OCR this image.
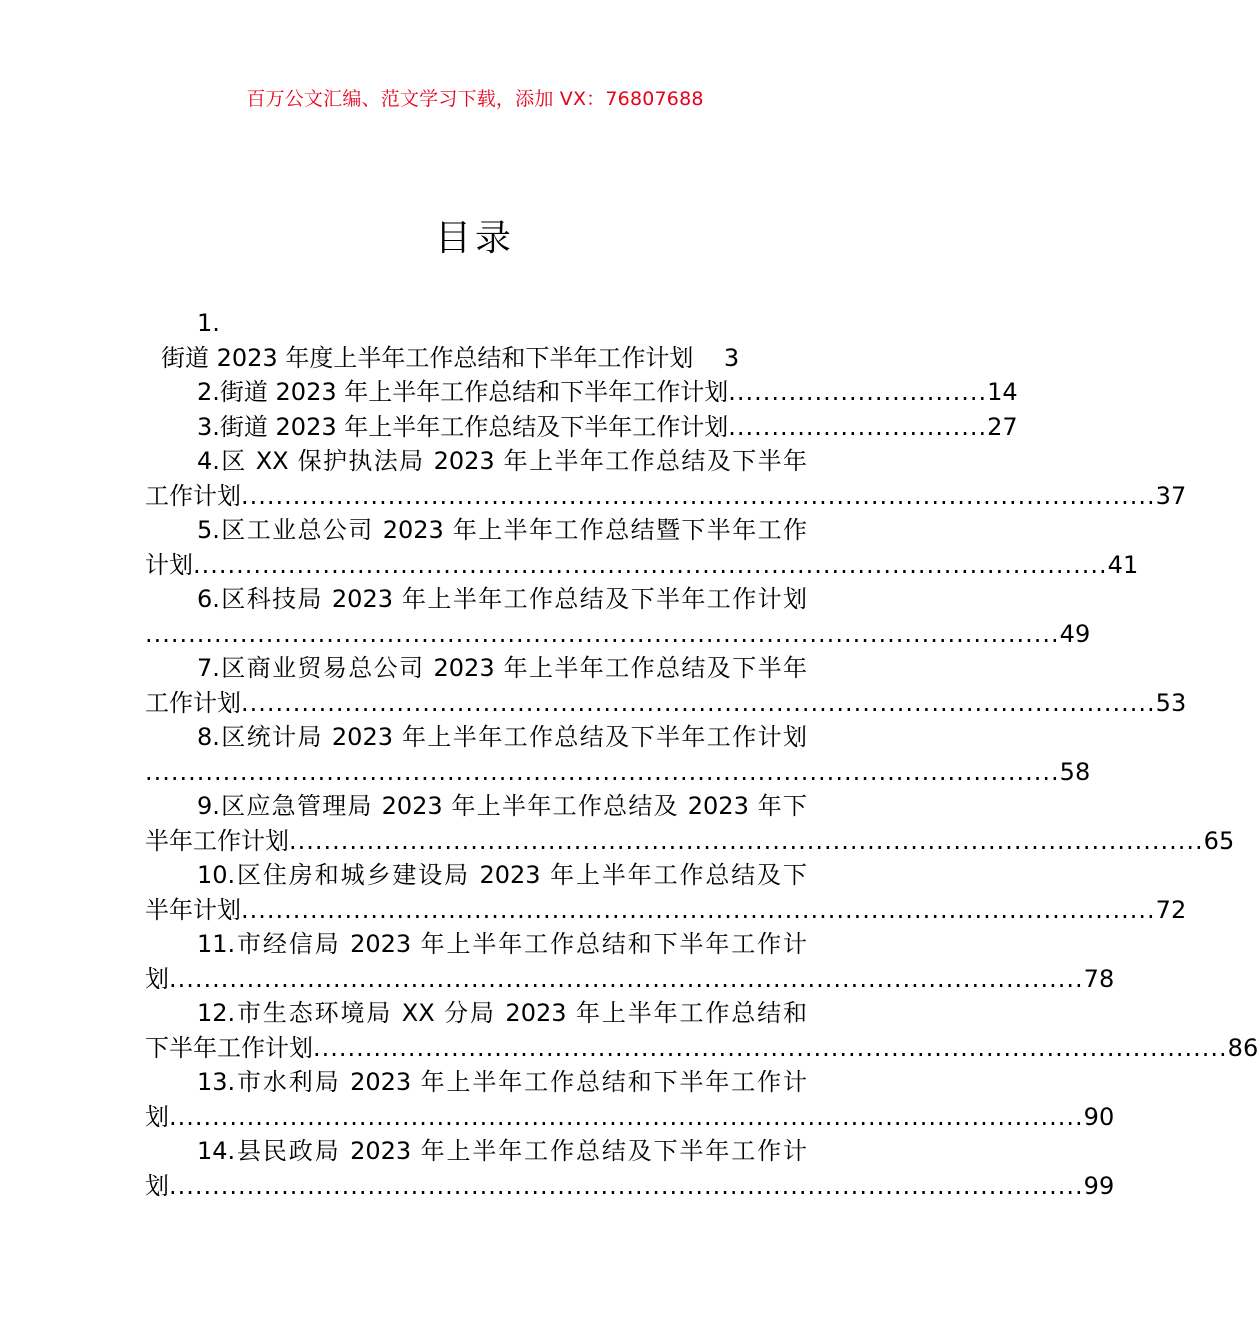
百万公文汇编、范文学习下载，添加 VX：76807688
目录
1.
街道 2023 年度上半年工作总结和下半年工作计划 3
2.街道 2023 年上半年工作总结和下半年工作计划 .............................. 14
3.街道 2023 年上半年工作总结及下半年工作计划 .............................. 27
4.区 XX 保护执法局 2023 年上半年工作总结及下半年
工作计划 .......................................................................................................... 37
5.区工业总公司 2023 年上半年工作总结暨下半年工作
计划 .......................................................................................................... 41
6.区科技局 2023 年上半年工作总结及下半年工作计划
.......................................................................................................... 49
7.区商业贸易总公司 2023 年上半年工作总结及下半年
工作计划 .......................................................................................................... 53
8.区统计局 2023 年上半年工作总结及下半年工作计划
.......................................................................................................... 58
9.区应急管理局 2023 年上半年工作总结及 2023 年下
半年工作计划 .......................................................................................................... 65
10.区住房和城乡建设局 2023 年上半年工作总结及下
半年计划 .......................................................................................................... 72
11.市经信局 2023 年上半年工作总结和下半年工作计
划 .......................................................................................................... 78
12.市生态环境局 XX 分局 2023 年上半年工作总结和
下半年工作计划 .......................................................................................................... 86
13.市水利局 2023 年上半年工作总结和下半年工作计
划 .......................................................................................................... 90
14.县民政局 2023 年上半年工作总结及下半年工作计
划 .......................................................................................................... 99
